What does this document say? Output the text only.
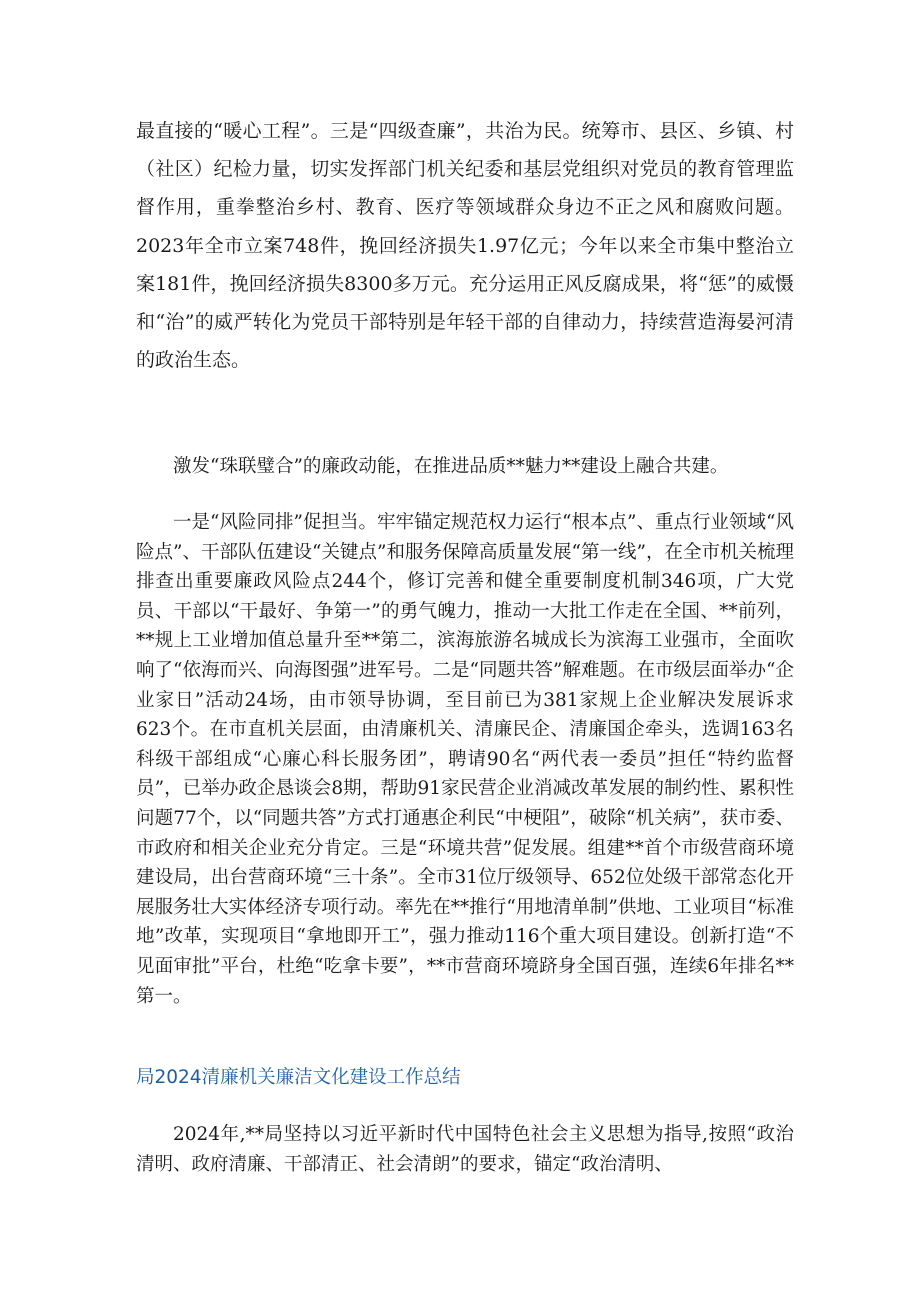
最直接的“暖心工程”。三是“四级查廉”，共治为民。统筹市、县区、乡镇、村（社区）纪检力量，切实发挥部门机关纪委和基层党组织对党员的教育管理监督作用，重拳整治乡村、教育、医疗等领域群众身边不正之风和腐败问题。2023年全市立案748件，挽回经济损失1.97亿元；今年以来全市集中整治立案181件，挽回经济损失8300多万元。充分运用正风反腐成果，将“惩”的威慑和“治”的威严转化为党员干部特别是年轻干部的自律动力，持续营造海晏河清的政治生态。

激发“珠联璧合”的廉政动能，在推进品质**魅力**建设上融合共建。

一是“风险同排”促担当。牢牢锚定规范权力运行“根本点”、重点行业领域“风险点”、干部队伍建设“关键点”和服务保障高质量发展“第一线”，在全市机关梳理排查出重要廉政风险点244个，修订完善和健全重要制度机制346项，广大党员、干部以“干最好、争第一”的勇气魄力，推动一大批工作走在全国、**前列，**规上工业增加值总量升至**第二，滨海旅游名城成长为滨海工业强市，全面吹响了“依海而兴、向海图强”进军号。二是“同题共答”解难题。在市级层面举办“企业家日”活动24场，由市领导协调，至目前已为381家规上企业解决发展诉求623个。在市直机关层面，由清廉机关、清廉民企、清廉国企牵头，选调163名科级干部组成“心廉心科长服务团”，聘请90名“两代表一委员”担任“特约监督员”，已举办政企恳谈会8期，帮助91家民营企业消减改革发展的制约性、累积性问题77个，以“同题共答”方式打通惠企利民“中梗阻”，破除“机关病”，获市委、市政府和相关企业充分肯定。三是“环境共营”促发展。组建**首个市级营商环境建设局，出台营商环境“三十条”。全市31位厅级领导、652位处级干部常态化开展服务壮大实体经济专项行动。率先在**推行“用地清单制”供地、工业项目“标准地”改革，实现项目“拿地即开工”，强力推动116个重大项目建设。创新打造“不见面审批”平台，杜绝“吃拿卡要”，**市营商环境跻身全国百强，连续6年排名**第一。

局2024清廉机关廉洁文化建设工作总结

2024年,**局坚持以习近平新时代中国特色社会主义思想为指导,按照“政治清明、政府清廉、干部清正、社会清朗”的要求，锚定“政治清明、
